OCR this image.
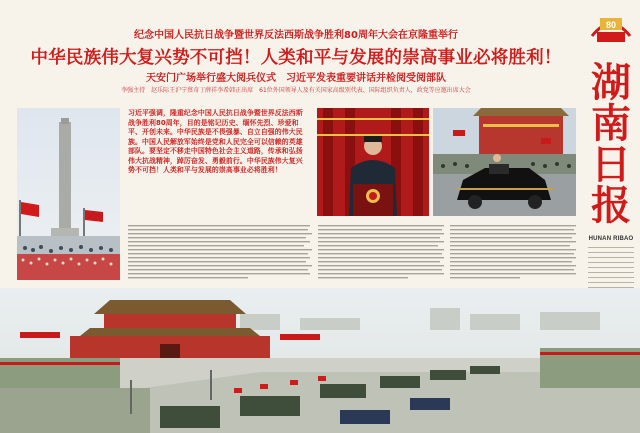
80
湖
南
日
报
HUNAN RIBAO
纪念中国人民抗日战争暨世界反法西斯战争胜利80周年大会在京隆重举行
中华民族伟大复兴势不可挡！人类和平与发展的崇高事业必将胜利！
天安门广场举行盛大阅兵仪式　习近平发表重要讲话并检阅受阅部队
李强主持　赵乐际王沪宁蔡奇丁薛祥李希韩正出席　61位外国领导人及有关国家高级别代表、国际组织负责人，政党等应邀出席大会
习近平强调，隆重纪念中国人民抗日战争暨世界反法西斯战争胜利80周年，目的是铭记历史、缅怀先烈、珍爱和平、开创未来。中华民族是不畏强暴、自立自强的伟大民族。中国人民解放军始终是党和人民完全可以信赖的英雄部队。要坚定不移走中国特色社会主义道路，传承和弘扬伟大抗战精神，踔厉奋发、勇毅前行。中华民族伟大复兴势不可挡！人类和平与发展的崇高事业必将胜利！
